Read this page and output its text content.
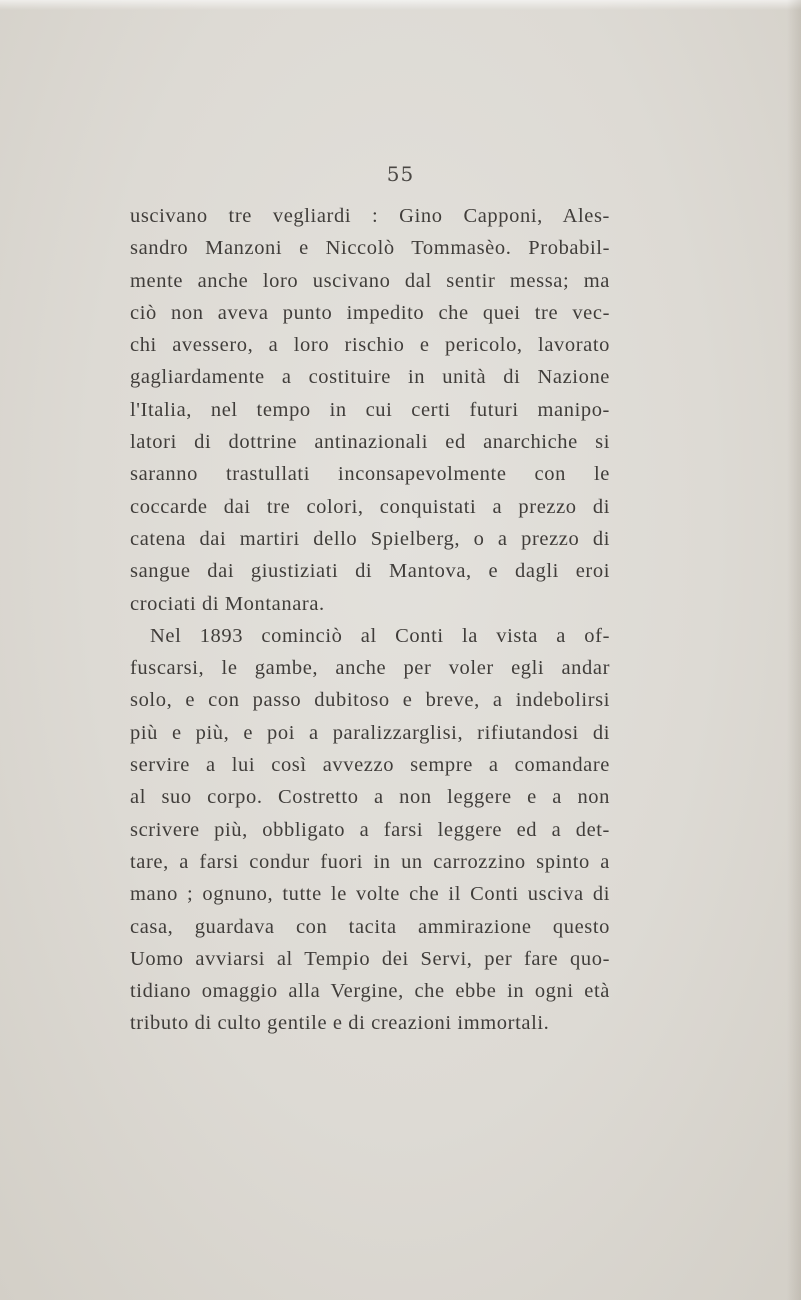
55
uscivano tre vegliardi : Gino Capponi, Ales-
sandro Manzoni e Niccolò Tommasèo. Probabil-
mente anche loro uscivano dal sentir messa; ma
ciò non aveva punto impedito che quei tre vec-
chi avessero, a loro rischio e pericolo, lavorato
gagliardamente a costituire in unità di Nazione
l'Italia, nel tempo in cui certi futuri manipo-
latori di dottrine antinazionali ed anarchiche si
saranno trastullati inconsapevolmente con le
coccarde dai tre colori, conquistati a prezzo di
catena dai martiri dello Spielberg, o a prezzo di
sangue dai giustiziati di Mantova, e dagli eroi
crociati di Montanara.
Nel 1893 cominciò al Conti la vista a of-
fuscarsi, le gambe, anche per voler egli andar
solo, e con passo dubitoso e breve, a indebolirsi
più e più, e poi a paralizzarglisi, rifiutandosi di
servire a lui così avvezzo sempre a comandare
al suo corpo. Costretto a non leggere e a non
scrivere più, obbligato a farsi leggere ed a det-
tare, a farsi condur fuori in un carrozzino spinto a
mano ; ognuno, tutte le volte che il Conti usciva di
casa, guardava con tacita ammirazione questo
Uomo avviarsi al Tempio dei Servi, per fare quo-
tidiano omaggio alla Vergine, che ebbe in ogni età
tributo di culto gentile e di creazioni immortali.
